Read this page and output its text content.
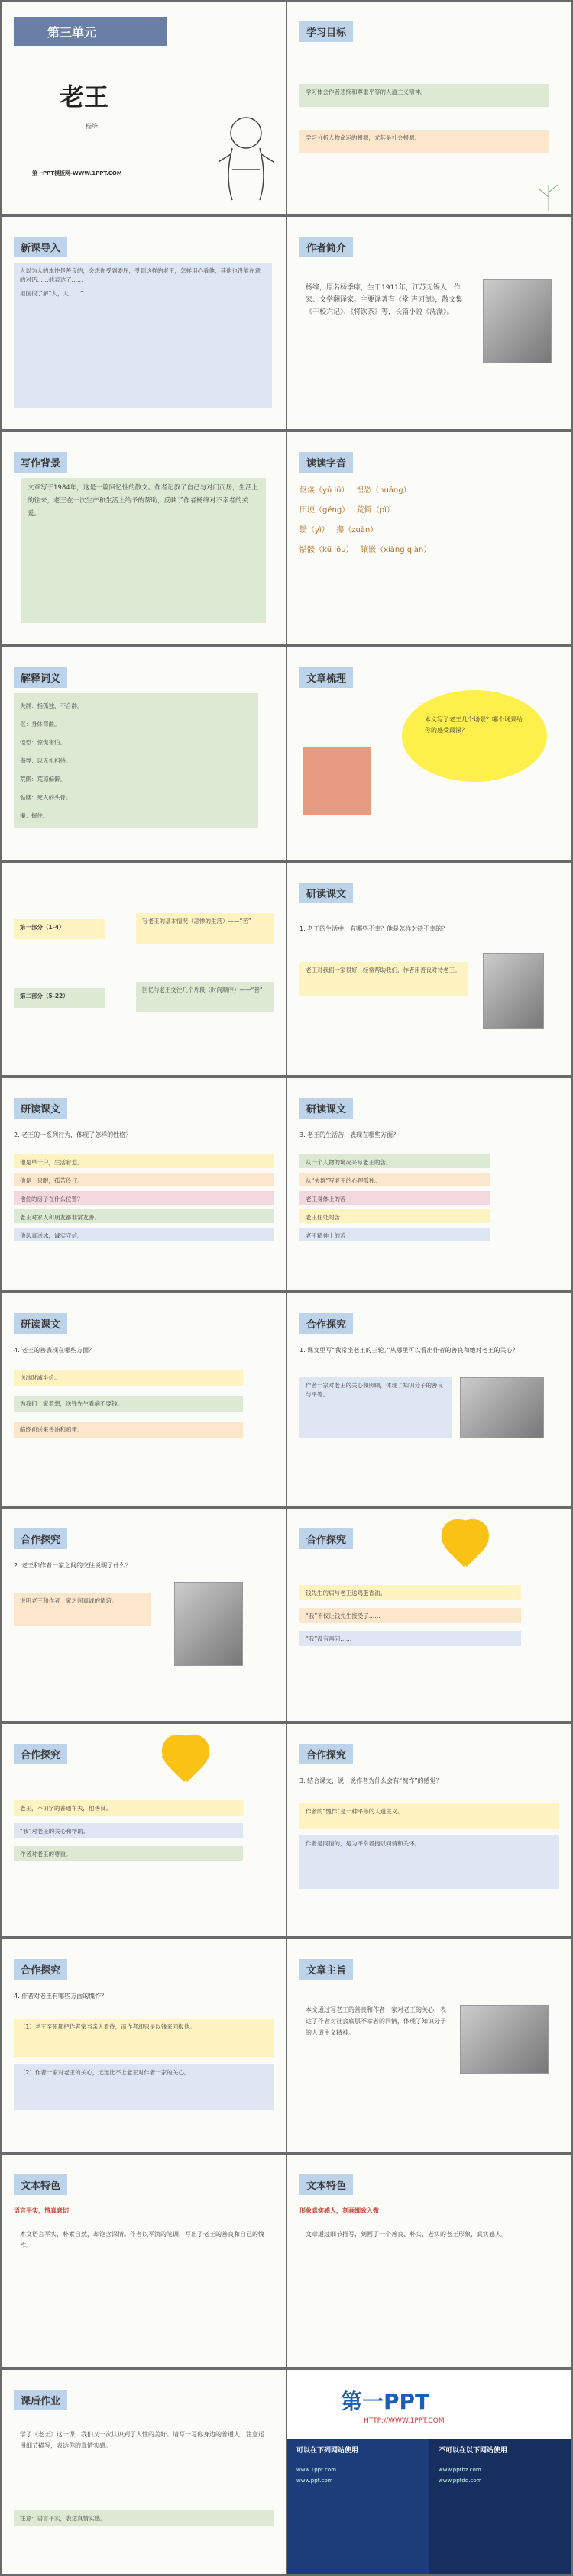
第三单元
老王
杨绛
第一PPT模板网-WWW.1PPT.COM
学习目标
学习体会作者悲悯和尊重平等的人道主义精神。
学习分析人物命运的根源，尤其是社会根源。
新课导入

人以为人的本性是善良的，会想你受到委屈，受到这样的老王，怎样用心看他，其他也没能在意的对话……他表达了……

祖国很了解“人，人……”

作者简介
杨绛，原名杨季康，生于1911年，江苏无锡人，作家、文学翻译家。主要译著有《堂·吉诃德》，散文集《干校六记》、《将饮茶》等，长篇小说《洗澡》。
写作背景
文章写于1984年，这是一篇回忆性的散文。作者记叙了自己与对门而居，生活上的往来，老王在一次生产和生活上给予的帮助，反映了作者杨绛对不幸者的关爱。
读读字音
伛偻（yǔ lǚ） 惶恐（huáng）
田埂（gěng） 荒僻（pì）
翳（yì） 攥（zuàn）
骷髅（kū lóu） 镶嵌（xiāng qiàn）
解释词义
失群：指孤独，不合群。
伛：身体弯曲。
惶恐：惊慌害怕。
侮辱：以无礼相待。
荒僻：荒凉偏僻。
骷髅：死人的头骨。
攥：握住。
文章梳理
本文写了老王几个场景？哪个场景给你的感受最深？
第一部分（1-4）
写老王的基本情况（悲惨的生活）——“苦”
第二部分（5-22）
回忆与老王交往几个片段（时间顺序）——“善”
研读课文
1. 老王的生活中，有哪些不幸？他是怎样对待不幸的？
老王对我们一家很好，经常帮助我们，作者用善良对待老王。
研读课文
2. 老王的一系列行为，体现了怎样的性格？
他是单干户，生活窘迫。
他是一只眼，孤苦伶仃。
他住的房子在什么位置？
老王对家人和朋友都非常友善。
他认真送冰，诚实守信。
研读课文
3. 老王的生活苦，表现在哪些方面？
从一个人物的境况来写老王的苦。
从“失群”写老王的心理孤独。
老王身体上的苦
老王住处的苦
老王精神上的苦
研读课文
4. 老王的善表现在哪些方面？
送冰时减半价。
为我们一家着想，送钱先生看病不要钱。
临终前送来香油和鸡蛋。
合作探究
1. 课文里写“我常坐老王的三轮。”从哪里可以看出作者的善良和她对老王的关心？
作者一家对老王的关心和照顾，体现了知识分子的善良与平等。
合作探究
2. 老王和作者一家之间的交往说明了什么？
说明老王和作者一家之间真诚的情谊。
合作探究
钱先生的病与老王送鸡蛋香油。
“我”不仅让钱先生接受了……
“我”没有再问……
合作探究
老王，不识字的普通车夫，他善良。
“我”对老王的关心和帮助。
作者对老王的尊重。
合作探究
3. 结合课文，说一说作者为什么会有“愧怍”的感觉？
作者的“愧怍”是一种平等的人道主义。
作者是同情的，是为不幸者抱以同情和关怀。
合作探究
4. 作者对老王有哪些方面的愧怍？
（1）老王至死都把作者家当亲人看待，而作者却只是以钱来回报他。
（2）作者一家对老王的关心，远远比不上老王对作者一家的关心。
文章主旨
本文通过写老王的善良和作者一家对老王的关心，表达了作者对社会底层不幸者的同情，体现了知识分子的人道主义精神。
文本特色
语言平实，情真意切
本文语言平实，朴素自然，却饱含深情。作者以平淡的笔调，写出了老王的善良和自己的愧怍。
文本特色
形象真实感人，刻画细致入微
文章通过细节描写，刻画了一个善良、朴实、老实的老王形象，真实感人。
课后作业
学了《老王》这一课，我们又一次认识到了人性的美好。请写一写你身边的普通人，注意运用细节描写，表达你的真情实感。
注意：语言平实，表达真情实感。
第一PPT
HTTP://WWW.1PPT.COM
可以在下列网站使用	不可以在以下网站使用
www.1ppt.com
www.ppt.com
www.pptbz.com
www.pptdq.com
